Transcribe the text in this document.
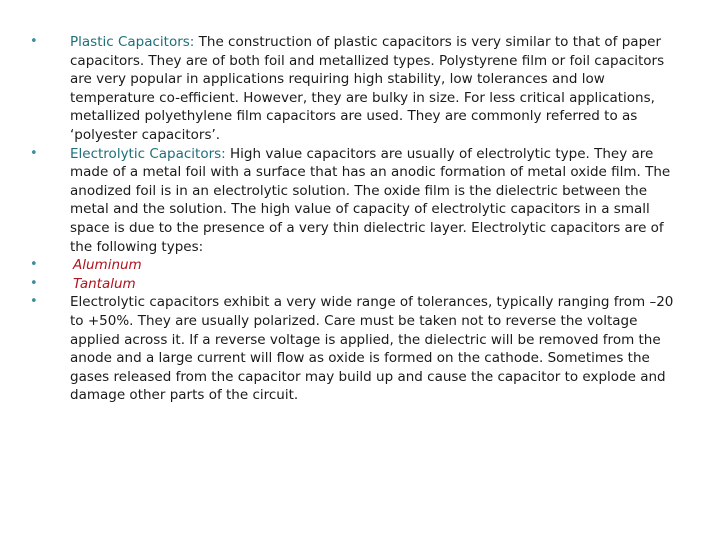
•	Plastic Capacitors: The construction of plastic capacitors is very similar to that of paper capacitors. They are of both foil and metallized types. Polystyrene film or foil capacitors are very popular in applications requiring high stability, low tolerances and low temperature co-efficient. However, they are bulky in size. For less critical applications, metallized polyethylene film capacitors are used. They are commonly referred to as ‘polyester capacitors’.
•	Electrolytic Capacitors: High value capacitors are usually of electrolytic type. They are made of a metal foil with a surface that has an anodic formation of metal oxide film. The anodized foil is in an electrolytic solution. The oxide film is the dielectric between the metal and the solution. The high value of capacity of electrolytic capacitors in a small space is due to the presence of a very thin dielectric layer. Electrolytic capacitors are of the following types:
•	Aluminum
•	Tantalum
•	Electrolytic capacitors exhibit a very wide range of tolerances, typically ranging from –20 to +50%. They are usually polarized. Care must be taken not to reverse the voltage applied across it. If a reverse voltage is applied, the dielectric will be removed from the anode and a large current will flow as oxide is formed on the cathode. Sometimes the gases released from the capacitor may build up and cause the capacitor to explode and damage other parts of the circuit.
